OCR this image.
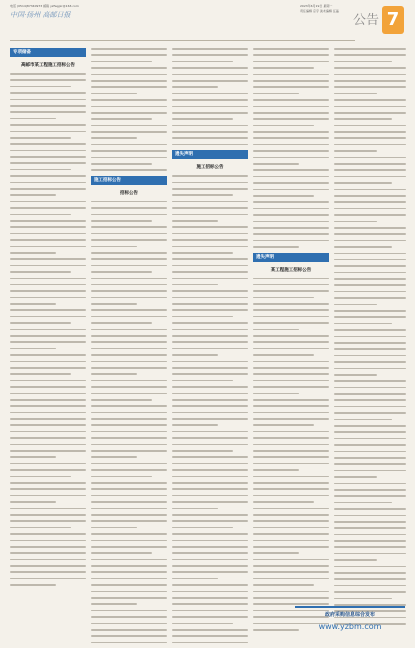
电话 (0514)87340973 邮箱 yzfwgjxr@163.com
中国·扬州 高邮日报
2023年6月19日 星期一
责任编辑 宗宇 美术编辑 汪晶
公告 7
专项储备
高邮市某工程施工招标公告
施工招标公告
招标公告
遗失声明
施工招标公告
遗失声明
某工程施工招标公告
政府采购信息综合发布
www.yzbm.com
